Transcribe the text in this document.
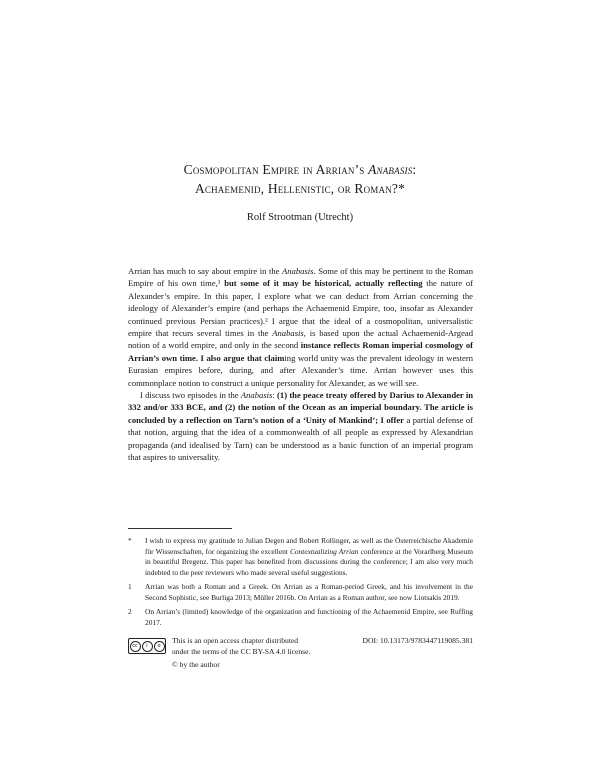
Cosmopolitan Empire in Arrian’s Anabasis:
Achaemenid, Hellenistic, or Roman?*
Rolf Strootman (Utrecht)

Arrian has much to say about empire in the Anabasis. Some of this may be pertinent to the Roman Empire of his own time,¹ but some of it may be historical, actually reflecting the nature of Alexander’s empire. In this paper, I explore what we can deduct from Arrian concerning the ideology of Alexander’s empire (and perhaps the Achaemenid Empire, too, insofar as Alexander continued previous Persian practices).² I argue that the ideal of a cosmopolitan, universalistic empire that recurs several times in the Anabasis, is based upon the actual Achaemenid-Argead notion of a world empire, and only in the second instance reflects Roman imperial cosmology of Arrian’s own time. I also argue that claiming world unity was the prevalent ideology in western Eurasian empires before, during, and after Alexander’s time. Arrian however uses this commonplace notion to construct a unique personality for Alexander, as we will see.

I discuss two episodes in the Anabasis: (1) the peace treaty offered by Darius to Alexander in 332 and/or 333 BCE, and (2) the notion of the Ocean as an imperial boundary. The article is concluded by a reflection on Tarn’s notion of a ‘Unity of Mankind’; I offer a partial defense of that notion, arguing that the idea of a commonwealth of all people as expressed by Alexandrian propaganda (and idealised by Tarn) can be understood as a basic function of an imperial program that aspires to universality.

*	I wish to express my gratitude to Julian Degen and Robert Rollinger, as well as the Österreichische Akademie für Wissenschaften, for organizing the excellent Contextualizing Arrian conference at the Vorarlberg Museum in beautiful Bregenz. This paper has benefited from discussions during the conference; I am also very much indebted to the peer reviewers who made several useful suggestions.
1	Arrian was both a Roman and a Greek. On Arrian as a Roman-period Greek, and his involvement in the Second Sophistic, see Burliga 2013; Müller 2016b. On Arrian as a Roman author, see now Liotsakis 2019.
2	On Arrian’s (limited) knowledge of the organization and functioning of the Achaemenid Empire, see Ruffing 2017.
cc	i	o
This is an open access chapter distributed
under the terms of the CC BY-SA 4.0 license.
DOI: 10.13173/9783447119085.381
© by the author
